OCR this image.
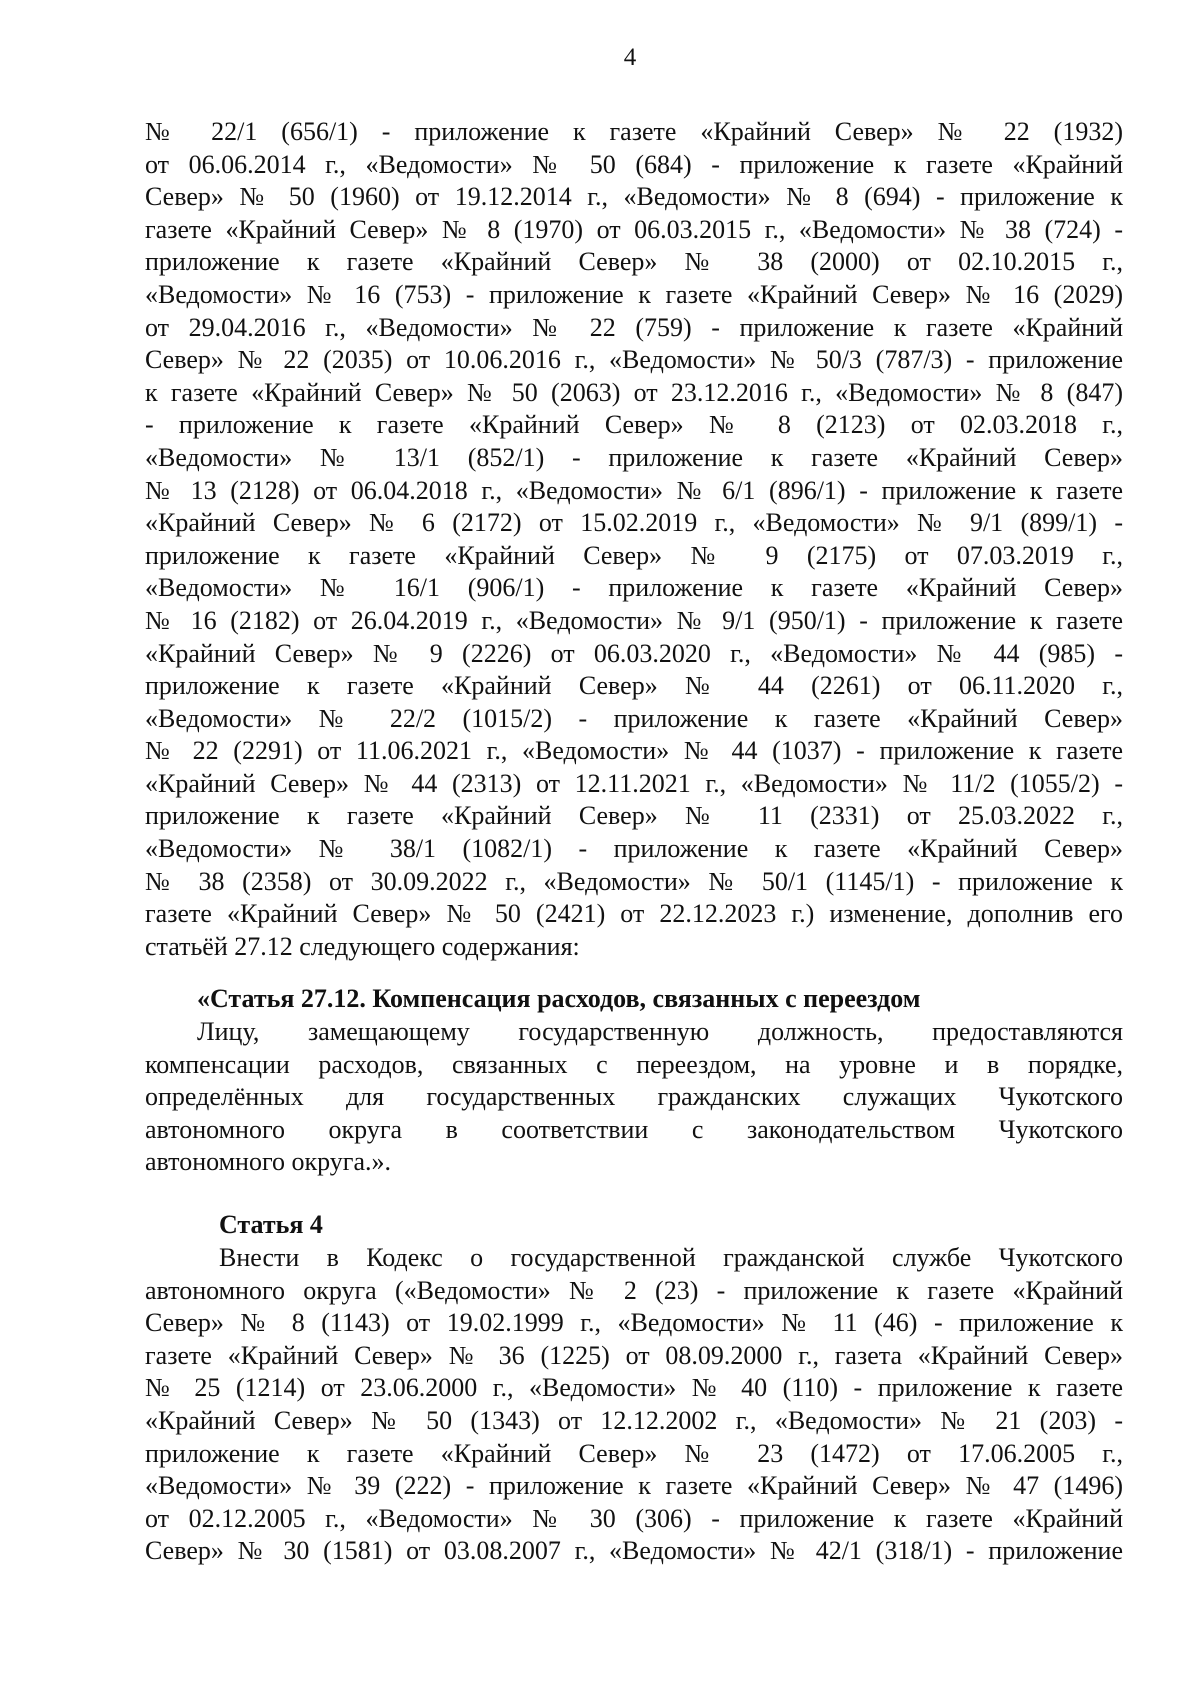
4
№ 22/1 (656/1) - приложение к газете «Крайний Север» № 22 (1932)
от 06.06.2014 г., «Ведомости» № 50 (684) - приложение к газете «Крайний
Север» № 50 (1960) от 19.12.2014 г., «Ведомости» № 8 (694) - приложение к
газете «Крайний Север» № 8 (1970) от 06.03.2015 г., «Ведомости» № 38 (724) -
приложение к газете «Крайний Север» № 38 (2000) от 02.10.2015 г.,
«Ведомости» № 16 (753) - приложение к газете «Крайний Север» № 16 (2029)
от 29.04.2016 г., «Ведомости» № 22 (759) - приложение к газете «Крайний
Север» № 22 (2035) от 10.06.2016 г., «Ведомости» № 50/3 (787/3) - приложение
к газете «Крайний Север» № 50 (2063) от 23.12.2016 г., «Ведомости» № 8 (847)
- приложение к газете «Крайний Север» № 8 (2123) от 02.03.2018 г.,
«Ведомости» № 13/1 (852/1) - приложение к газете «Крайний Север»
№ 13 (2128) от 06.04.2018 г., «Ведомости» № 6/1 (896/1) - приложение к газете
«Крайний Север» № 6 (2172) от 15.02.2019 г., «Ведомости» № 9/1 (899/1) -
приложение к газете «Крайний Север» № 9 (2175) от 07.03.2019 г.,
«Ведомости» № 16/1 (906/1) - приложение к газете «Крайний Север»
№ 16 (2182) от 26.04.2019 г., «Ведомости» № 9/1 (950/1) - приложение к газете
«Крайний Север» № 9 (2226) от 06.03.2020 г., «Ведомости» № 44 (985) -
приложение к газете «Крайний Север» № 44 (2261) от 06.11.2020 г.,
«Ведомости» № 22/2 (1015/2) - приложение к газете «Крайний Север»
№ 22 (2291) от 11.06.2021 г., «Ведомости» № 44 (1037) - приложение к газете
«Крайний Север» № 44 (2313) от 12.11.2021 г., «Ведомости» № 11/2 (1055/2) -
приложение к газете «Крайний Север» № 11 (2331) от 25.03.2022 г.,
«Ведомости» № 38/1 (1082/1) - приложение к газете «Крайний Север»
№ 38 (2358) от 30.09.2022 г., «Ведомости» № 50/1 (1145/1) - приложение к
газете «Крайний Север» № 50 (2421) от 22.12.2023 г.) изменение, дополнив его
статьёй 27.12 следующего содержания:
«Статья 27.12. Компенсация расходов, связанных с переездом
Лицу, замещающему государственную должность, предоставляются
компенсации расходов, связанных с переездом, на уровне и в порядке,
определённых для государственных гражданских служащих Чукотского
автономного округа в соответствии с законодательством Чукотского
автономного округа.».
Статья 4
Внести в Кодекс о государственной гражданской службе Чукотского
автономного округа («Ведомости» № 2 (23) - приложение к газете «Крайний
Север» № 8 (1143) от 19.02.1999 г., «Ведомости» № 11 (46) - приложение к
газете «Крайний Север» № 36 (1225) от 08.09.2000 г., газета «Крайний Север»
№ 25 (1214) от 23.06.2000 г., «Ведомости» № 40 (110) - приложение к газете
«Крайний Север» № 50 (1343) от 12.12.2002 г., «Ведомости» № 21 (203) -
приложение к газете «Крайний Север» № 23 (1472) от 17.06.2005 г.,
«Ведомости» № 39 (222) - приложение к газете «Крайний Север» № 47 (1496)
от 02.12.2005 г., «Ведомости» № 30 (306) - приложение к газете «Крайний
Север» № 30 (1581) от 03.08.2007 г., «Ведомости» № 42/1 (318/1) - приложение
